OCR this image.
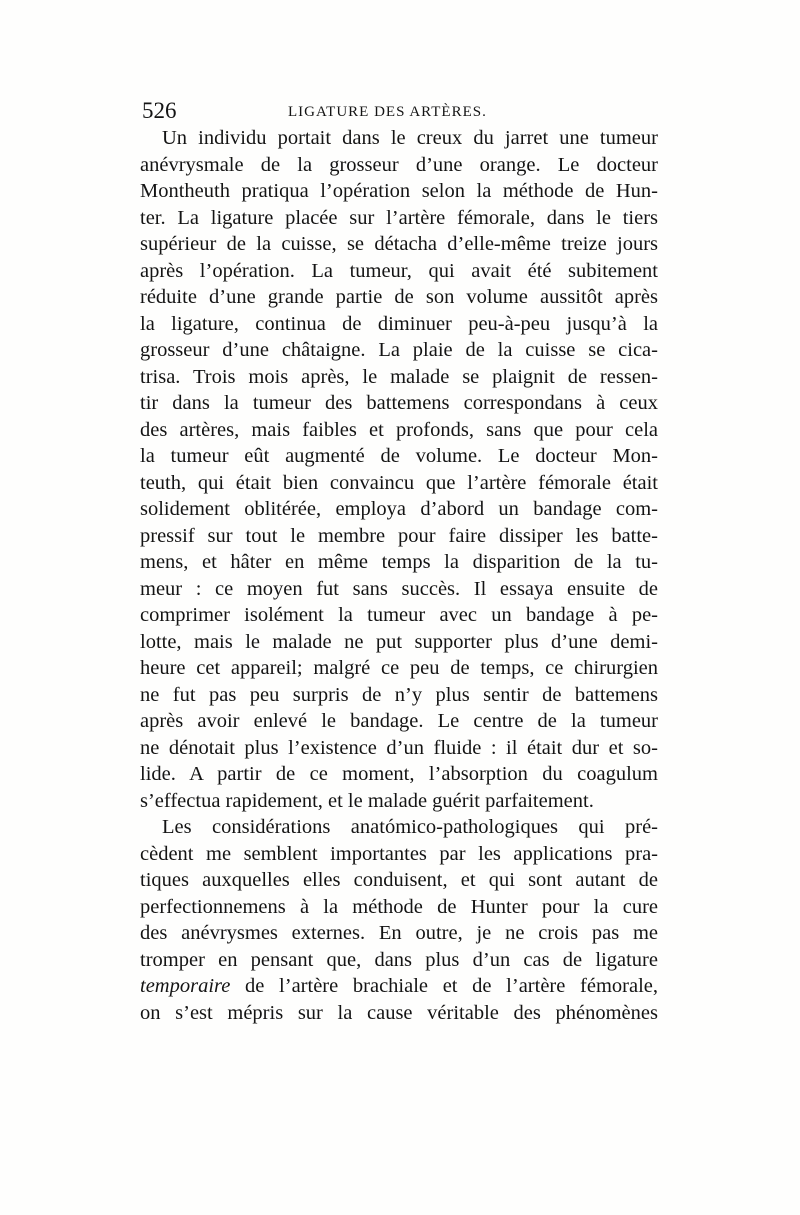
526	LIGATURE DES ARTÈRES.
Un individu portait dans le creux du jarret une tumeur
anévrysmale de la grosseur d’une orange. Le docteur
Montheuth pratiqua l’opération selon la méthode de Hun-
ter. La ligature placée sur l’artère fémorale, dans le tiers
supérieur de la cuisse, se détacha d’elle-même treize jours
après l’opération. La tumeur, qui avait été subitement
réduite d’une grande partie de son volume aussitôt après
la ligature, continua de diminuer peu-à-peu jusqu’à la
grosseur d’une châtaigne. La plaie de la cuisse se cica-
trisa. Trois mois après, le malade se plaignit de ressen-
tir dans la tumeur des battemens correspondans à ceux
des artères, mais faibles et profonds, sans que pour cela
la tumeur eût augmenté de volume. Le docteur Mon-
teuth, qui était bien convaincu que l’artère fémorale était
solidement oblitérée, employa d’abord un bandage com-
pressif sur tout le membre pour faire dissiper les batte-
mens, et hâter en même temps la disparition de la tu-
meur : ce moyen fut sans succès. Il essaya ensuite de
comprimer isolément la tumeur avec un bandage à pe-
lotte, mais le malade ne put supporter plus d’une demi-
heure cet appareil; malgré ce peu de temps, ce chirurgien
ne fut pas peu surpris de n’y plus sentir de battemens
après avoir enlevé le bandage. Le centre de la tumeur
ne dénotait plus l’existence d’un fluide : il était dur et so-
lide. A partir de ce moment, l’absorption du coagulum
s’effectua rapidement, et le malade guérit parfaitement.
Les considérations anatómico-pathologiques qui pré-
cèdent me semblent importantes par les applications pra-
tiques auxquelles elles conduisent, et qui sont autant de
perfectionnemens à la méthode de Hunter pour la cure
des anévrysmes externes. En outre, je ne crois pas me
tromper en pensant que, dans plus d’un cas de ligature
temporaire de l’artère brachiale et de l’artère fémorale,
on s’est mépris sur la cause véritable des phénomènes
